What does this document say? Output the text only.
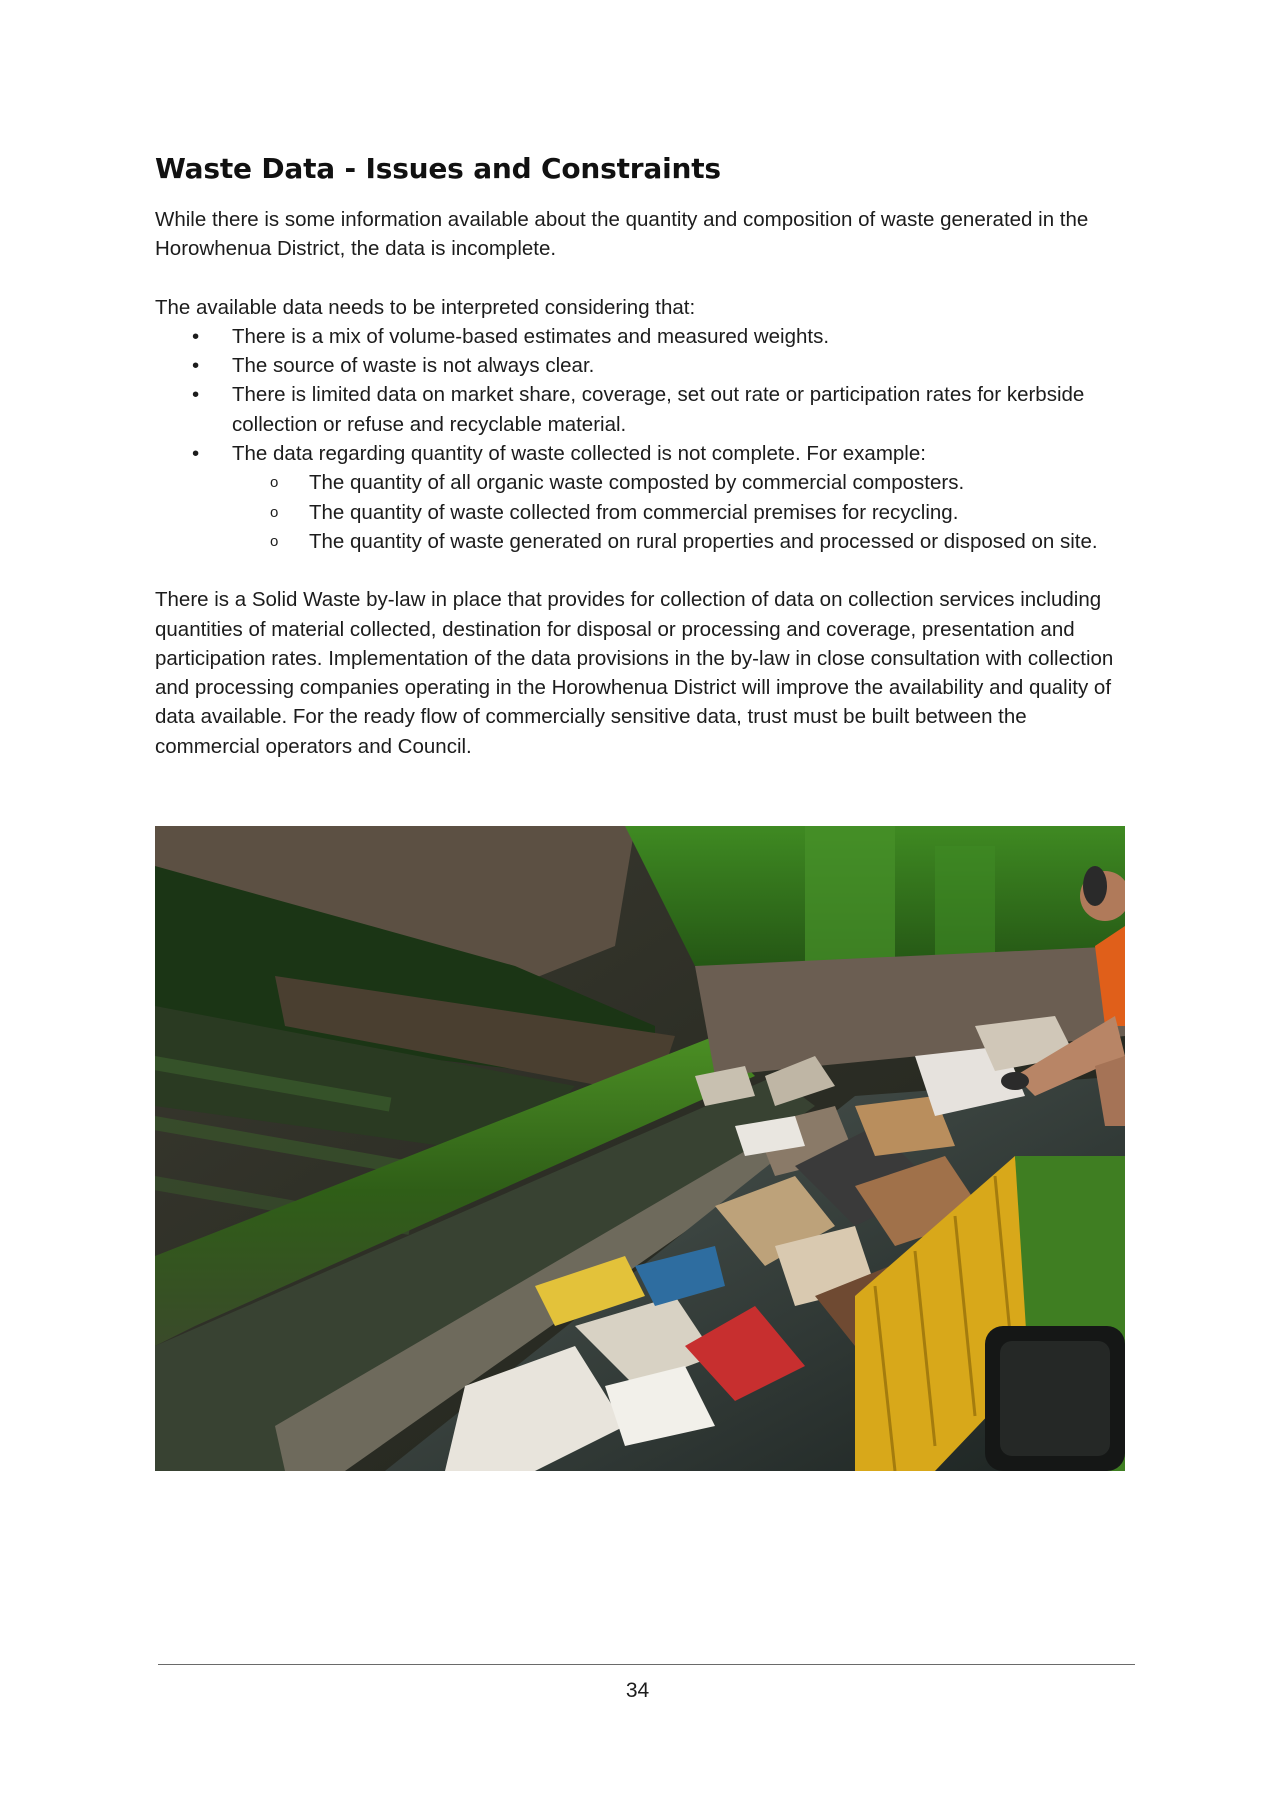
Waste Data - Issues and Constraints

While there is some information available about the quantity and composition of waste generated in the Horowhenua District, the data is incomplete.

The available data needs to be interpreted considering that:

• There is a mix of volume-based estimates and measured weights.
• The source of waste is not always clear.
• There is limited data on market share, coverage, set out rate or participation rates for kerbside collection or refuse and recyclable material.
• The data regarding quantity of waste collected is not complete. For example:
o The quantity of all organic waste composted by commercial composters.
o The quantity of waste collected from commercial premises for recycling.
o The quantity of waste generated on rural properties and processed or disposed on site.

There is a Solid Waste by-law in place that provides for collection of data on collection services including quantities of material collected, destination for disposal or processing and coverage, presentation and participation rates. Implementation of the data provisions in the by-law in close consultation with collection and processing companies operating in the Horowhenua District will improve the availability and quality of data available. For the ready flow of commercially sensitive data, trust must be built between the commercial operators and Council.

34
